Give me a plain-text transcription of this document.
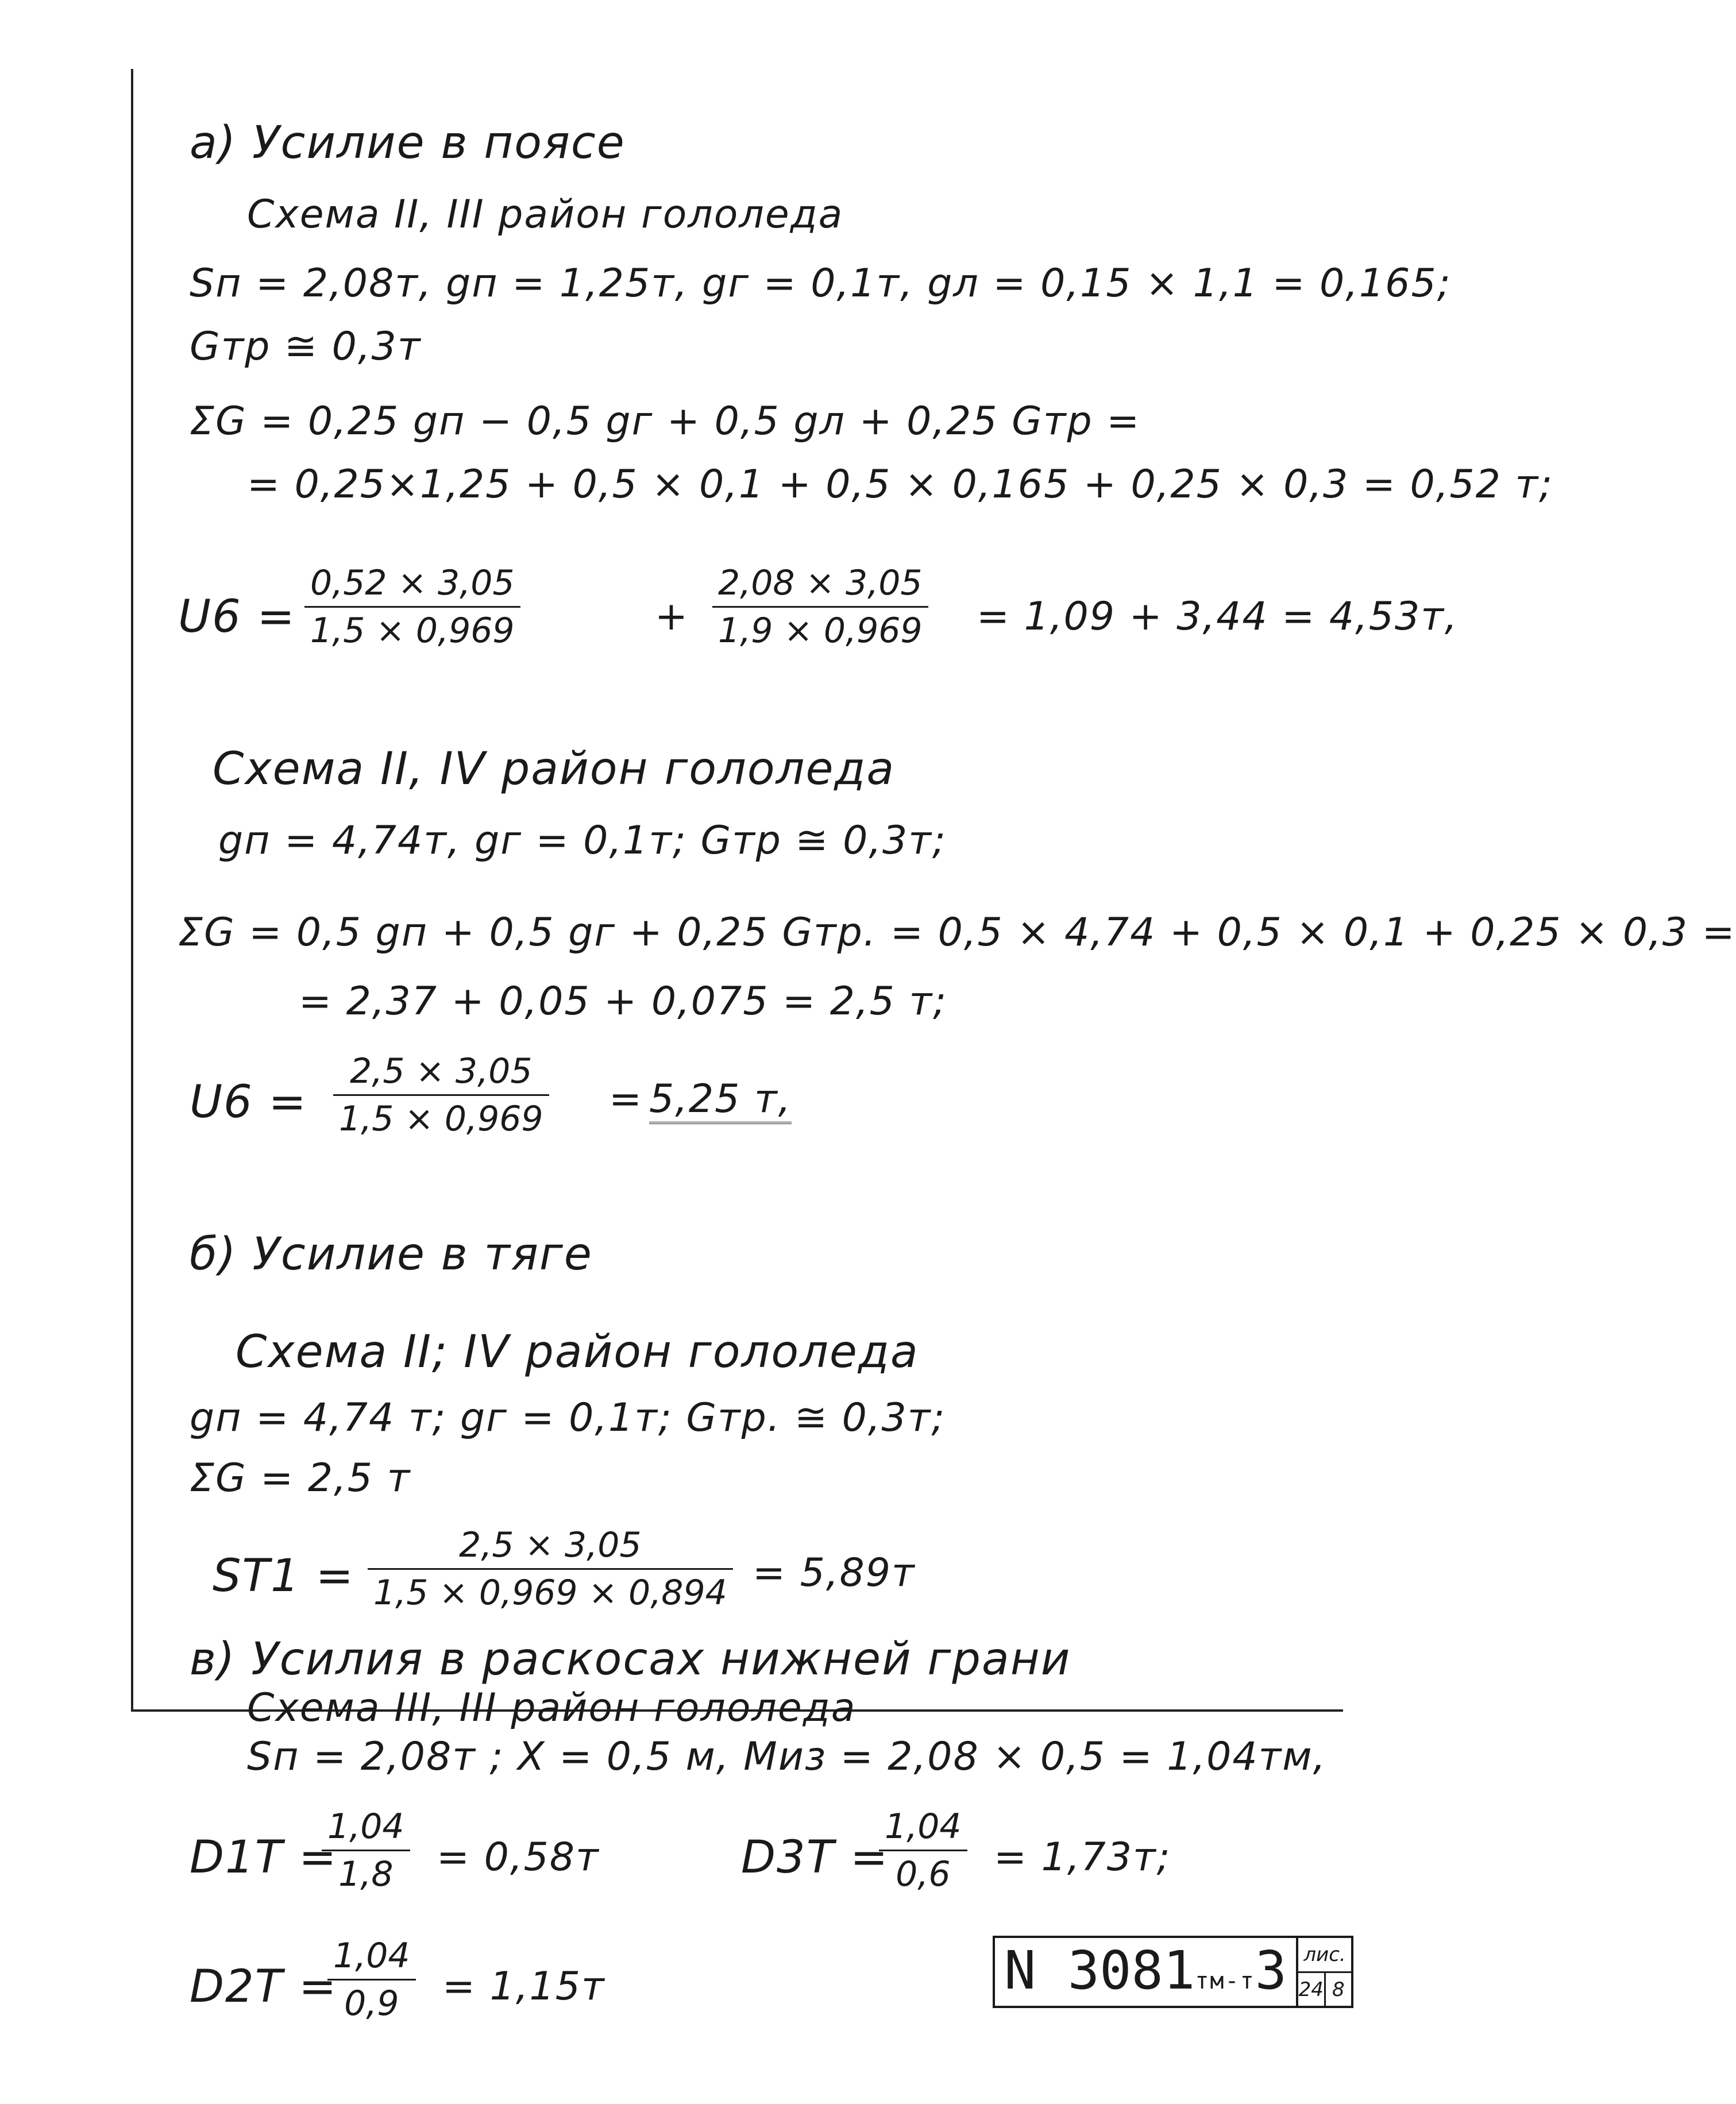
а) Усилие в поясе
Схема II, III район гололеда
Sп = 2,08т, gп = 1,25т, gг = 0,1т, gл = 0,15 × 1,1 = 0,165;
Gтр ≅ 0,3т
ΣG = 0,25 gп − 0,5 gг + 0,5 gл + 0,25 Gтр =
= 0,25×1,25 + 0,5 × 0,1 + 0,5 × 0,165 + 0,25 × 0,3 = 0,52 т;
$U6 = \frac{0,52 \times 3,05}{1,5 \times 0,969}$	+ $\frac{2,08 \times 3,05}{1,9 \times 0,969} = 1,09 + 3,44 = 4,53т$,
Схема II, IV район гололеда
gп = 4,74т, gг = 0,1т; Gтр ≅ 0,3т;
ΣG = 0,5 gп + 0,5 gг + 0,25 Gтр. = 0,5 × 4,74 + 0,5 × 0,1 + 0,25 × 0,3 =
= 2,37 + 0,05 + 0,075 = 2,5 т;
$U6 = \frac{2,5 \times 3,05}{1,5 \times 0,969} = 5,25$ т,
б) Усилие в тяге
Схема II; IV район гололеда
gп = 4,74 т; gг = 0,1т; Gтр. ≅ 0,3т;
ΣG = 2,5 т
$ST1 = \frac{2,5 \times 3,05}{1,5 \times 0,969 \times 0,894} = 5,89т$
в) Усилия в раскосах нижней грани
Схема III, III район гололеда
Sп = 2,08т ; X = 0,5 м, Миз = 2,08 × 0,5 = 1,04тм,
D1T =
$\frac{1,04}{1,8} = 0,58т$	D3T =
$\frac{1,04}{0,6} = 1,73т$;
D2T =
$\frac{1,04}{0,9} = 1,15т$	N 3081тм-т3 лис.
24 8
